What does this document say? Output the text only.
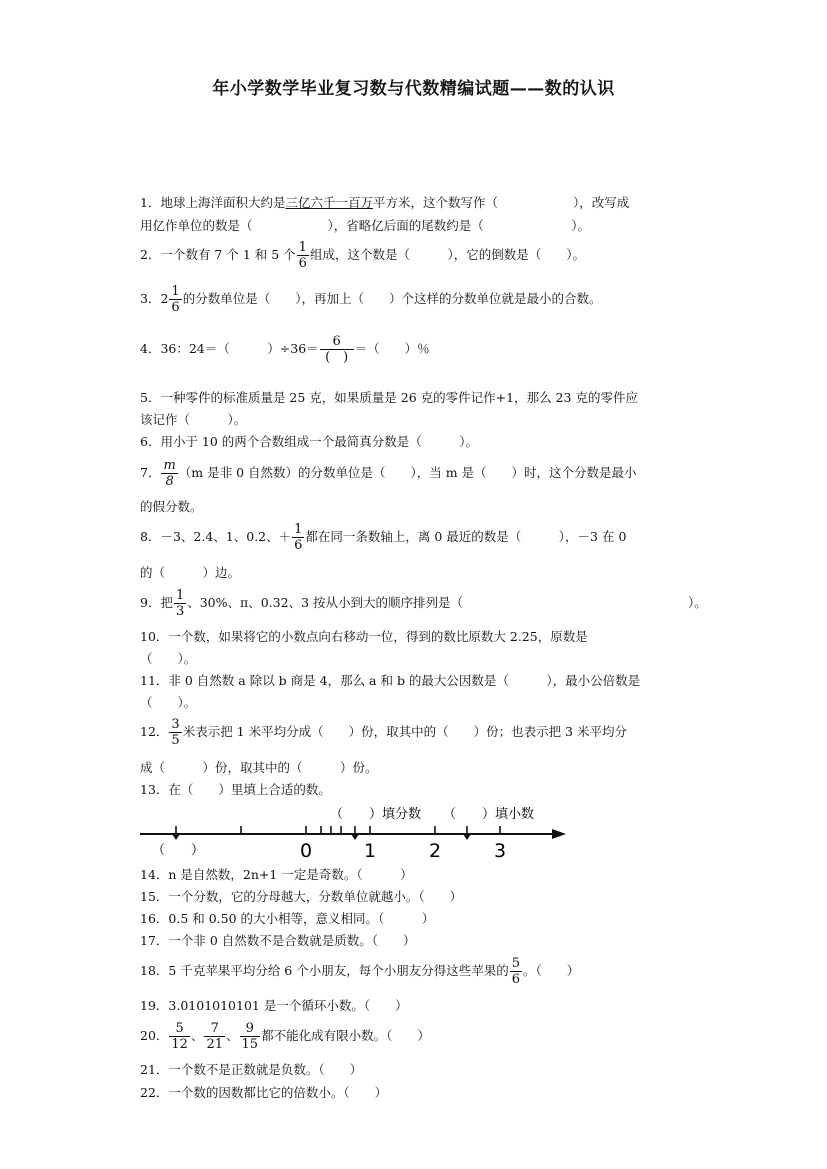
年小学数学毕业复习数与代数精编试题——数的认识
1．地球上海洋面积大约是三亿六千一百万平方米，这个数写作（　　　　　　），改写成
用亿作单位的数是（　　　　　　），省略亿后面的尾数约是（　　　　　　　）。
2．一个数有 7 个 1 和 5 个 $\frac{1}{6}$ 组成，这个数是（　　　），它的倒数是（　　）。
3．$2 \frac{1}{6}$ 的分数单位是（　　），再加上（　　）个这样的分数单位就是最小的合数。
4．36：24＝（　　　）$\div 36= \frac{6}{( )}$ ＝（　　）％
5．一种零件的标准质量是 25 克，如果质量是 26 克的零件记作+1，那么 23 克的零件应
该记作（　　　）。
6．用小于 10 的两个合数组成一个最简真分数是（　　　）。
7． $\frac{m}{8} (m$ 是非 0 自然数）的分数单位是（　　），当 m 是（　　）时，这个分数是最小
的假分数。
8．－3、2.4、1、0.2、＋ $\frac{1}{6}$ 都在同一条数轴上，离 0 最近的数是（　　　），－3 在 0
的（　　　）边。
9．把 $\frac{1}{3}$ 、30%、π、0.32、3 按从小到大的顺序排列是（　　　　　　　　　　　　　　　　　　）。
10．一个数，如果将它的小数点向右移动一位，得到的数比原数大 2.25，原数是
（　　）。
11．非 0 自然数 a 除以 b 商是 4，那么 a 和 b 的最大公因数是（　　　），最小公倍数是
（　　）。
12． $\frac{3}{5}$ 米表示把 1 米平均分成（　　）份，取其中的（　　）份；也表示把 3 米平均分
成（　　　）份，取其中的（　　　）份。
13．在（　　）里填上合适的数。
0	1	2	3
（　　）填分数 （　　）填小数
（　　）
14．n 是自然数，2n+1 一定是奇数。（　　　）
15．一个分数，它的分母越大，分数单位就越小。（　　）
16．0.5 和 0.50 的大小相等，意义相同。（　　　）
17．一个非 0 自然数不是合数就是质数。（　　）
18．5 千克苹果平均分给 6 个小朋友，每个小朋友分得这些苹果的 $\frac{5}{6}$ 。（　　）
19．3.0101010101 是一个循环小数。（　　）
20． $\frac{5}{12}$ 、 $\frac{7}{21}$ 、 $\frac{9}{15}$ 都不能化成有限小数。（　　）
21．一个数不是正数就是负数。（　　）
22．一个数的因数都比它的倍数小。（　　）
